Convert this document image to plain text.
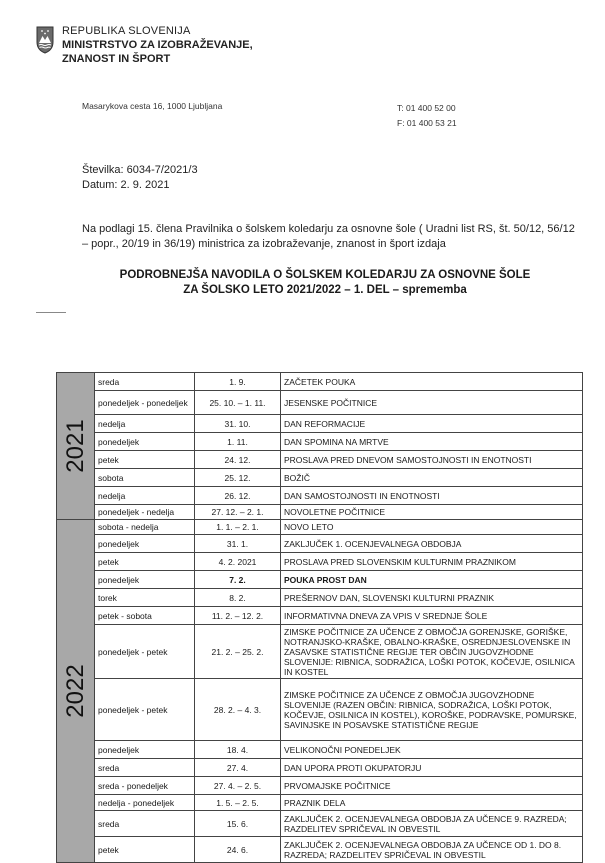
REPUBLIKA SLOVENIJA
MINISTRSTVO ZA IZOBRAŽEVANJE,
ZNANOST IN ŠPORT
Masarykova cesta 16, 1000 Ljubljana	T: 01 400 52 00
F: 01 400 53 21
Številka: 6034-7/2021/3
Datum: 2. 9. 2021
Na podlagi 15. člena Pravilnika o šolskem koledarju za osnovne šole ( Uradni list RS, št. 50/12, 56/12 – popr., 20/19 in 36/19) ministrica za izobraževanje, znanost in šport izdaja
PODROBNEJŠA NAVODILA O ŠOLSKEM KOLEDARJU ZA OSNOVNE ŠOLE
ZA ŠOLSKO LETO 2021/2022 – 1. DEL – sprememba
2021	sreda	1. 9.	ZAČETEK POUKA
	ponedeljek - ponedeljek	25. 10. – 1. 11.	JESENSKE POČITNICE
	nedelja	31. 10.	DAN REFORMACIJE
	ponedeljek	1. 11.	DAN SPOMINA NA MRTVE
	petek	24. 12.	PROSLAVA PRED DNEVOM SAMOSTOJNOSTI IN ENOTNOSTI
	sobota	25. 12.	BOŽIČ
	nedelja	26. 12.	DAN SAMOSTOJNOSTI IN ENOTNOSTI
	ponedeljek - nedelja	27. 12. – 2. 1.	NOVOLETNE POČITNICE

2022	sobota - nedelja	1. 1. – 2. 1.	NOVO LETO
	ponedeljek	31. 1.	ZAKLJUČEK 1. OCENJEVALNEGA OBDOBJA
	petek	4. 2. 2021	PROSLAVA PRED SLOVENSKIM KULTURNIM PRAZNIKOM
	ponedeljek	7. 2.	POUKA PROST DAN
	torek	8. 2.	PREŠERNOV DAN, SLOVENSKI KULTURNI PRAZNIK
	petek - sobota	11. 2. – 12. 2.	INFORMATIVNA DNEVA ZA VPIS V SREDNJE ŠOLE
	ponedeljek - petek	21. 2. – 25. 2.	ZIMSKE POČITNICE ZA UČENCE Z OBMOČJA GORENJSKE, GORIŠKE, NOTRANJSKO-KRAŠKE, OBALNO-KRAŠKE, OSREDNJESLOVENSKE IN ZASAVSKE STATISTIČNE REGIJE TER OBČIN JUGOVZHODNE SLOVENIJE: RIBNICA, SODRAŽICA, LOŠKI POTOK, KOČEVJE, OSILNICA IN KOSTEL
	ponedeljek - petek	28. 2. – 4. 3.	ZIMSKE POČITNICE ZA UČENCE Z OBMOČJA JUGOVZHODNE SLOVENIJE (RAZEN OBČIN: RIBNICA, SODRAŽICA, LOŠKI POTOK, KOČEVJE, OSILNICA IN KOSTEL), KOROŠKE, PODRAVSKE, POMURSKE, SAVINJSKE IN POSAVSKE STATISTIČNE REGIJE
	ponedeljek	18. 4.	VELIKONOČNI PONEDELJEK
	sreda	27. 4.	DAN UPORA PROTI OKUPATORJU
	sreda - ponedeljek	27. 4. – 2. 5.	PRVOMAJSKE POČITNICE
	nedelja - ponedeljek	1. 5. – 2. 5.	PRAZNIK DELA
	sreda	15. 6.	ZAKLJUČEK 2. OCENJEVALNEGA OBDOBJA ZA UČENCE 9. RAZREDA; RAZDELITEV SPRIČEVAL IN OBVESTIL
	petek	24. 6.	ZAKLJUČEK 2. OCENJEVALNEGA OBDOBJA ZA UČENCE OD 1. DO 8. RAZREDA; RAZDELITEV SPRIČEVAL IN OBVESTIL
